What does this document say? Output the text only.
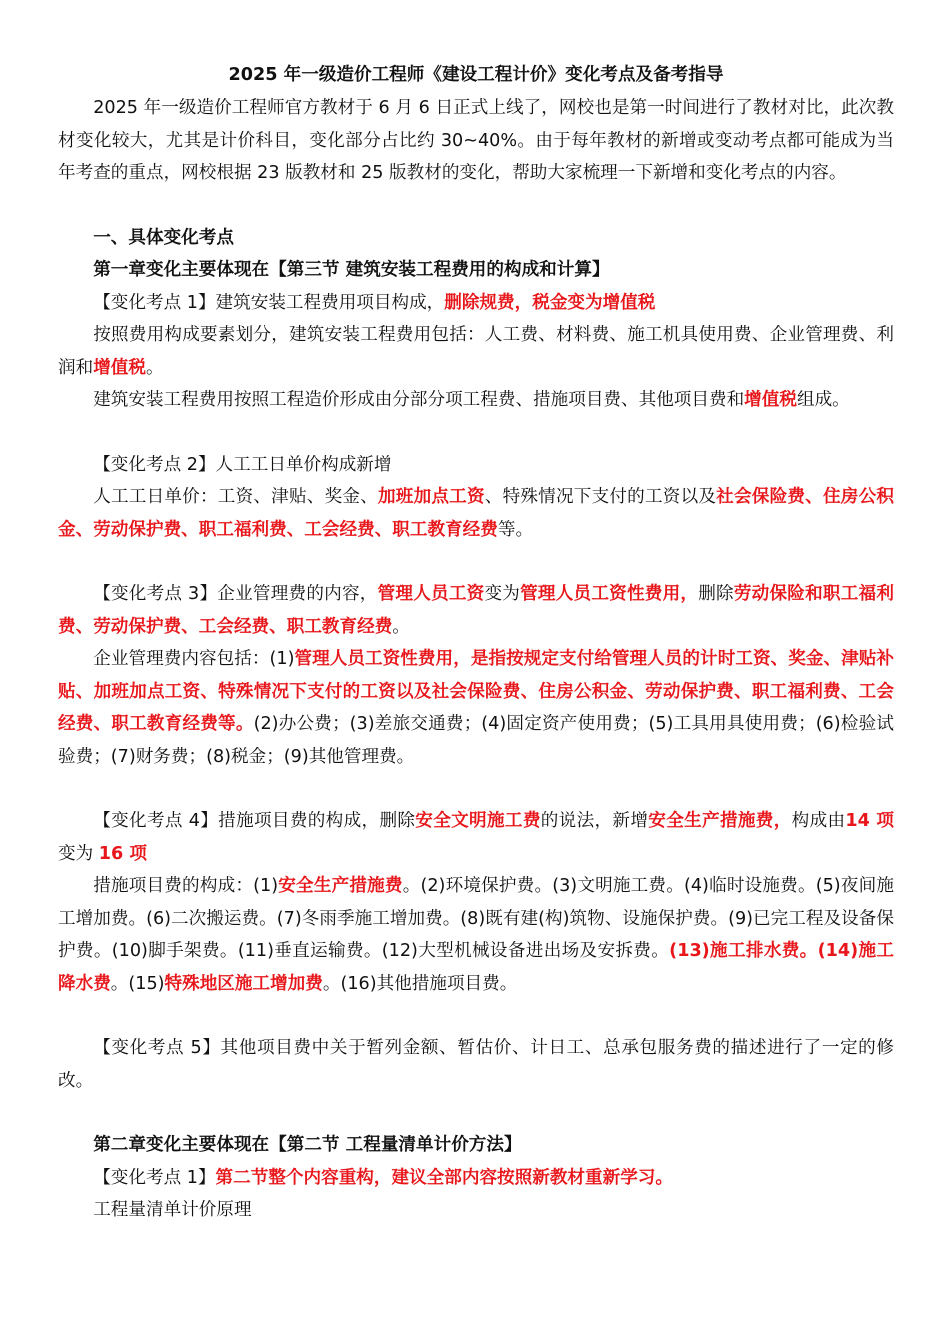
2025 年一级造价工程师《建设工程计价》变化考点及备考指导

2025 年一级造价工程师官方教材于 6 月 6 日正式上线了，网校也是第一时间进行了教材对比，此次教材变化较大，尤其是计价科目，变化部分占比约 30~40%。由于每年教材的新增或变动考点都可能成为当年考查的重点，网校根据 23 版教材和 25 版教材的变化，帮助大家梳理一下新增和变化考点的内容。

一、具体变化考点

第一章变化主要体现在【第三节 建筑安装工程费用的构成和计算】

【变化考点 1】建筑安装工程费用项目构成，删除规费，税金变为增值税

按照费用构成要素划分，建筑安装工程费用包括：人工费、材料费、施工机具使用费、企业管理费、利润和增值税。

建筑安装工程费用按照工程造价形成由分部分项工程费、措施项目费、其他项目费和增值税组成。

【变化考点 2】人工工日单价构成新增

人工工日单价：工资、津贴、奖金、加班加点工资、特殊情况下支付的工资以及社会保险费、住房公积金、劳动保护费、职工福利费、工会经费、职工教育经费等。

【变化考点 3】企业管理费的内容，管理人员工资变为管理人员工资性费用，删除劳动保险和职工福利费、劳动保护费、工会经费、职工教育经费。

企业管理费内容包括：(1)管理人员工资性费用，是指按规定支付给管理人员的计时工资、奖金、津贴补贴、加班加点工资、特殊情况下支付的工资以及社会保险费、住房公积金、劳动保护费、职工福利费、工会经费、职工教育经费等。(2)办公费；(3)差旅交通费；(4)固定资产使用费；(5)工具用具使用费；(6)检验试验费；(7)财务费；(8)税金；(9)其他管理费。

【变化考点 4】措施项目费的构成，删除安全文明施工费的说法，新增安全生产措施费，构成由14 项变为 16 项

措施项目费的构成：(1)安全生产措施费。(2)环境保护费。(3)文明施工费。(4)临时设施费。(5)夜间施工增加费。(6)二次搬运费。(7)冬雨季施工增加费。(8)既有建(构)筑物、设施保护费。(9)已完工程及设备保护费。(10)脚手架费。(11)垂直运输费。(12)大型机械设备进出场及安拆费。(13)施工排水费。(14)施工降水费。(15)特殊地区施工增加费。(16)其他措施项目费。

【变化考点 5】其他项目费中关于暂列金额、暂估价、计日工、总承包服务费的描述进行了一定的修改。

第二章变化主要体现在【第二节 工程量清单计价方法】

【变化考点 1】第二节整个内容重构，建议全部内容按照新教材重新学习。

工程量清单计价原理
